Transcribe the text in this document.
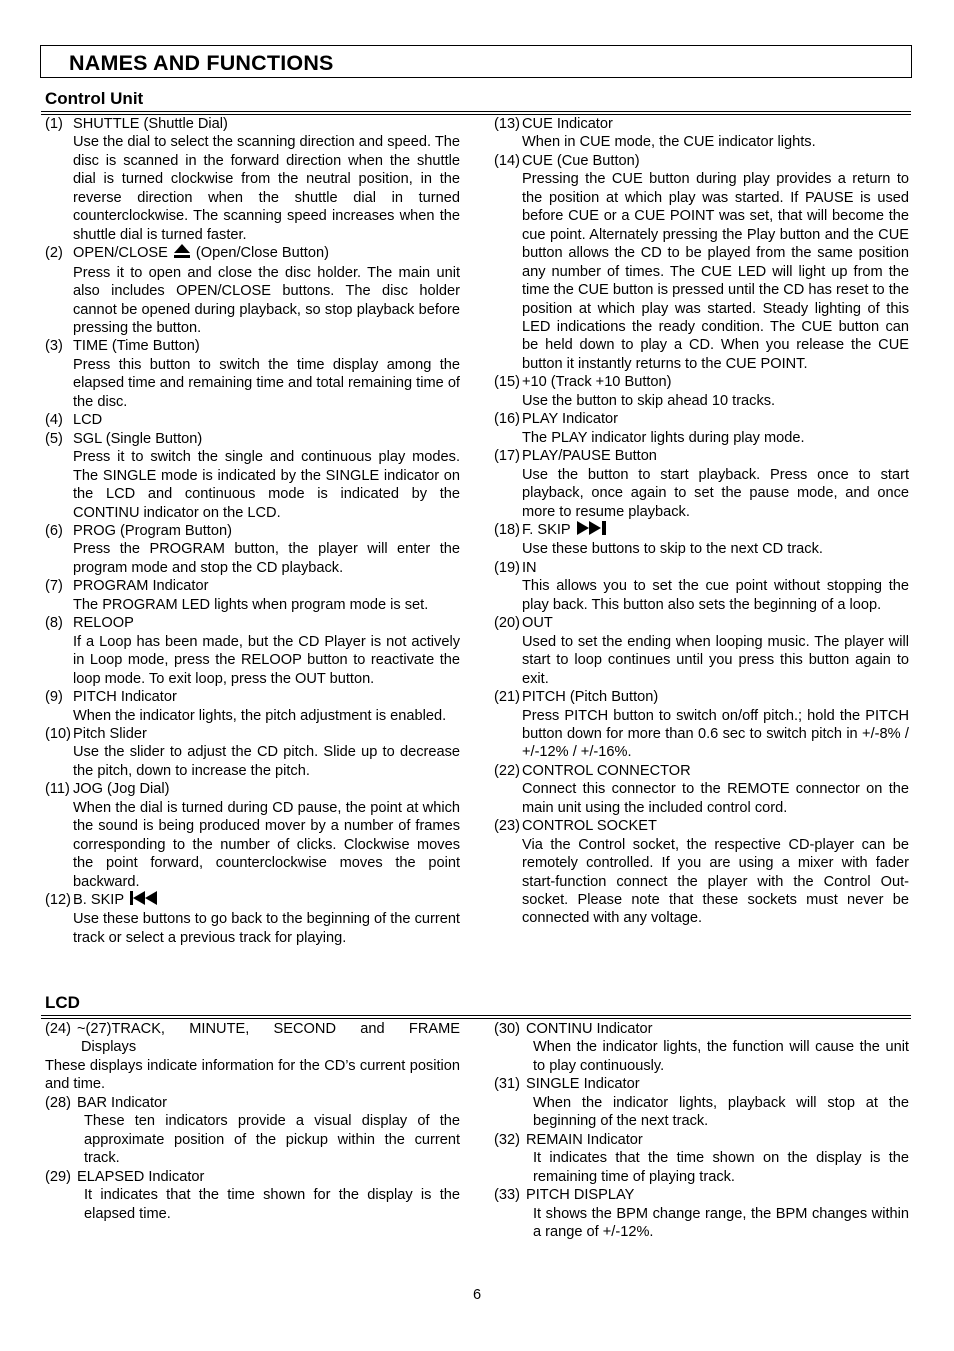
NAMES AND FUNCTIONS
Control Unit
(1) SHUTTLE (Shuttle Dial)
Use the dial to select the scanning direction and speed. The disc is scanned in the forward direction when the shuttle dial is turned clockwise from the neutral position, in the reverse direction when the shuttle dial in turned counterclockwise. The scanning speed increases when the shuttle dial is turned faster.
(2) OPEN/CLOSE (Open/Close Button)
Press it to open and close the disc holder. The main unit also includes OPEN/CLOSE buttons. The disc holder cannot be opened during playback, so stop playback before pressing the button.
(3) TIME (Time Button)
Press this button to switch the time display among the elapsed time and remaining time and total remaining time of the disc.
(4) LCD
(5) SGL (Single Button)
Press it to switch the single and continuous play modes. The SINGLE mode is indicated by the SINGLE indicator on the LCD and continuous mode is indicated by the CONTINU indicator on the LCD.
(6) PROG (Program Button)
Press the PROGRAM button, the player will enter the program mode and stop the CD playback.
(7) PROGRAM Indicator
The PROGRAM LED lights when program mode is set.
(8) RELOOP
If a Loop has been made, but the CD Player is not actively in Loop mode, press the RELOOP button to reactivate the loop mode. To exit loop, press the OUT button.
(9) PITCH Indicator
When the indicator lights, the pitch adjustment is enabled.
(10) Pitch Slider
Use the slider to adjust the CD pitch. Slide up to decrease the pitch, down to increase the pitch.
(11) JOG (Jog Dial)
When the dial is turned during CD pause, the point at which the sound is being produced mover by a number of frames corresponding to the number of clicks. Clockwise moves the point forward, counterclockwise moves the point backward.
(12) B. SKIP
Use these buttons to go back to the beginning of the current track or select a previous track for playing.
(13) CUE Indicator
When in CUE mode, the CUE indicator lights.
(14) CUE (Cue Button)
Pressing the CUE button during play provides a return to the position at which play was started. If PAUSE is used before CUE or a CUE POINT was set, that will become the cue point. Alternately pressing the Play button and the CUE button allows the CD to be played from the same position any number of times. The CUE LED will light up from the time the CUE button is pressed until the CD has reset to the position at which play was started. Steady lighting of this LED indications the ready condition. The CUE button can be held down to play a CD. When you release the CUE button it instantly returns to the CUE POINT.
(15) +10 (Track +10 Button)
Use the button to skip ahead 10 tracks.
(16) PLAY Indicator
The PLAY indicator lights during play mode.
(17) PLAY/PAUSE Button
Use the button to start playback. Press once to start playback, once again to set the pause mode, and once more to resume playback.
(18) F. SKIP
Use these buttons to skip to the next CD track.
(19) IN
This allows you to set the cue point without stopping the play back. This button also sets the beginning of a loop.
(20) OUT
Used to set the ending when looping music. The player will start to loop continues until you press this button again to exit.
(21) PITCH (Pitch Button)
Press PITCH button to switch on/off pitch.; hold the PITCH button down for more than 0.6 sec to switch pitch in +/-8% / +/-12% / +/-16%.
(22) CONTROL CONNECTOR
Connect this connector to the REMOTE connector on the main unit using the included control cord.
(23) CONTROL SOCKET
Via the Control socket, the respective CD-player can be remotely controlled. If you are using a mixer with fader start-function connect the player with the Control Out-socket. Please note that these sockets must never be connected with any voltage.
LCD
(24) ~(27)TRACK, MINUTE, SECOND and FRAME
Displays
These displays indicate information for the CD’s current position and time.
(28) BAR Indicator
These ten indicators provide a visual display of the approximate position of the pickup within the current track.
(29) ELAPSED Indicator
It indicates that the time shown for the display is the elapsed time.
(30) CONTINU Indicator
When the indicator lights, the function will cause the unit to play continuously.
(31) SINGLE Indicator
When the indicator lights, playback will stop at the beginning of the next track.
(32) REMAIN Indicator
It indicates that the time shown on the display is the remaining time of playing track.
(33) PITCH DISPLAY
It shows the BPM change range, the BPM changes within a range of +/-12%.
6
